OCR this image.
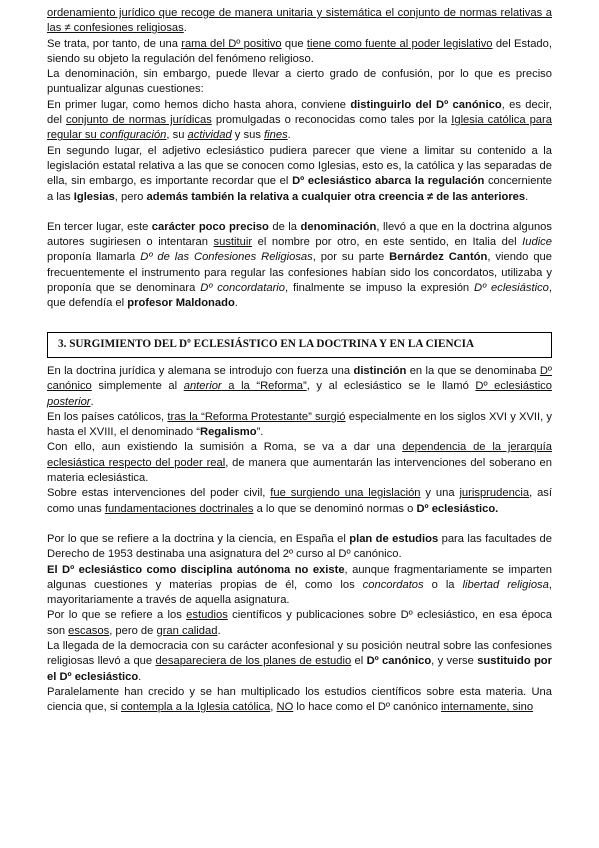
ordenamiento jurídico que recoge de manera unitaria y sistemática el conjunto de normas relativas a las ≠ confesiones religiosas.

Se trata, por tanto, de una rama del Dº positivo que tiene como fuente al poder legislativo del Estado, siendo su objeto la regulación del fenómeno religioso.

La denominación, sin embargo, puede llevar a cierto grado de confusión, por lo que es preciso puntualizar algunas cuestiones:

En primer lugar, como hemos dicho hasta ahora, conviene distinguirlo del Dº canónico, es decir, del conjunto de normas jurídicas promulgadas o reconocidas como tales por la Iglesia católica para regular su configuración, su actividad y sus fines.

En segundo lugar, el adjetivo eclesiástico pudiera parecer que viene a limitar su contenido a la legislación estatal relativa a las que se conocen como Iglesias, esto es, la católica y las separadas de ella, sin embargo, es importante recordar que el Dº eclesiástico abarca la regulación concerniente a las Iglesias, pero además también la relativa a cualquier otra creencia ≠ de las anteriores.

En tercer lugar, este carácter poco preciso de la denominación, llevó a que en la doctrina algunos autores sugiriesen o intentaran sustituir el nombre por otro, en este sentido, en Italia del Iudice proponía llamarla Dº de las Confesiones Religiosas, por su parte Bernárdez Cantón, viendo que frecuentemente el instrumento para regular las confesiones habían sido los concordatos, utilizaba y proponía que se denominara Dº concordatario, finalmente se impuso la expresión Dº eclesiástico, que defendía el profesor Maldonado.

3. SURGIMIENTO DEL Dº ECLESIÁSTICO EN LA DOCTRINA Y EN LA CIENCIA

En la doctrina jurídica y alemana se introdujo con fuerza una distinción en la que se denominaba Dº canónico simplemente al anterior a la “Reforma”, y al eclesiástico se le llamó Dº eclesiástico posterior.

En los países católicos, tras la “Reforma Protestante” surgió especialmente en los siglos XVI y XVII, y hasta el XVIII, el denominado “Regalismo”.

Con ello, aun existiendo la sumisión a Roma, se va a dar una dependencia de la jerarquía eclesiástica respecto del poder real, de manera que aumentarán las intervenciones del soberano en materia eclesiástica.

Sobre estas intervenciones del poder civil, fue surgiendo una legislación y una jurisprudencia, así como unas fundamentaciones doctrinales a lo que se denominó normas o Dº eclesiástico.

Por lo que se refiere a la doctrina y la ciencia, en España el plan de estudios para las facultades de Derecho de 1953 destinaba una asignatura del 2º curso al Dº canónico.

El Dº eclesiástico como disciplina autónoma no existe, aunque fragmentariamente se imparten algunas cuestiones y materias propias de él, como los concordatos o la libertad religiosa, mayoritariamente a través de aquella asignatura.

Por lo que se refiere a los estudios científicos y publicaciones sobre Dº eclesiástico, en esa época son escasos, pero de gran calidad.

La llegada de la democracia con su carácter aconfesional y su posición neutral sobre las confesiones religiosas llevó a que desapareciera de los planes de estudio el Dº canónico, y verse sustituido por el Dº eclesiástico.

Paralelamente han crecido y se han multiplicado los estudios científicos sobre esta materia. Una ciencia que, si contempla a la Iglesia católica, NO lo hace como el Dº canónico internamente, sino
